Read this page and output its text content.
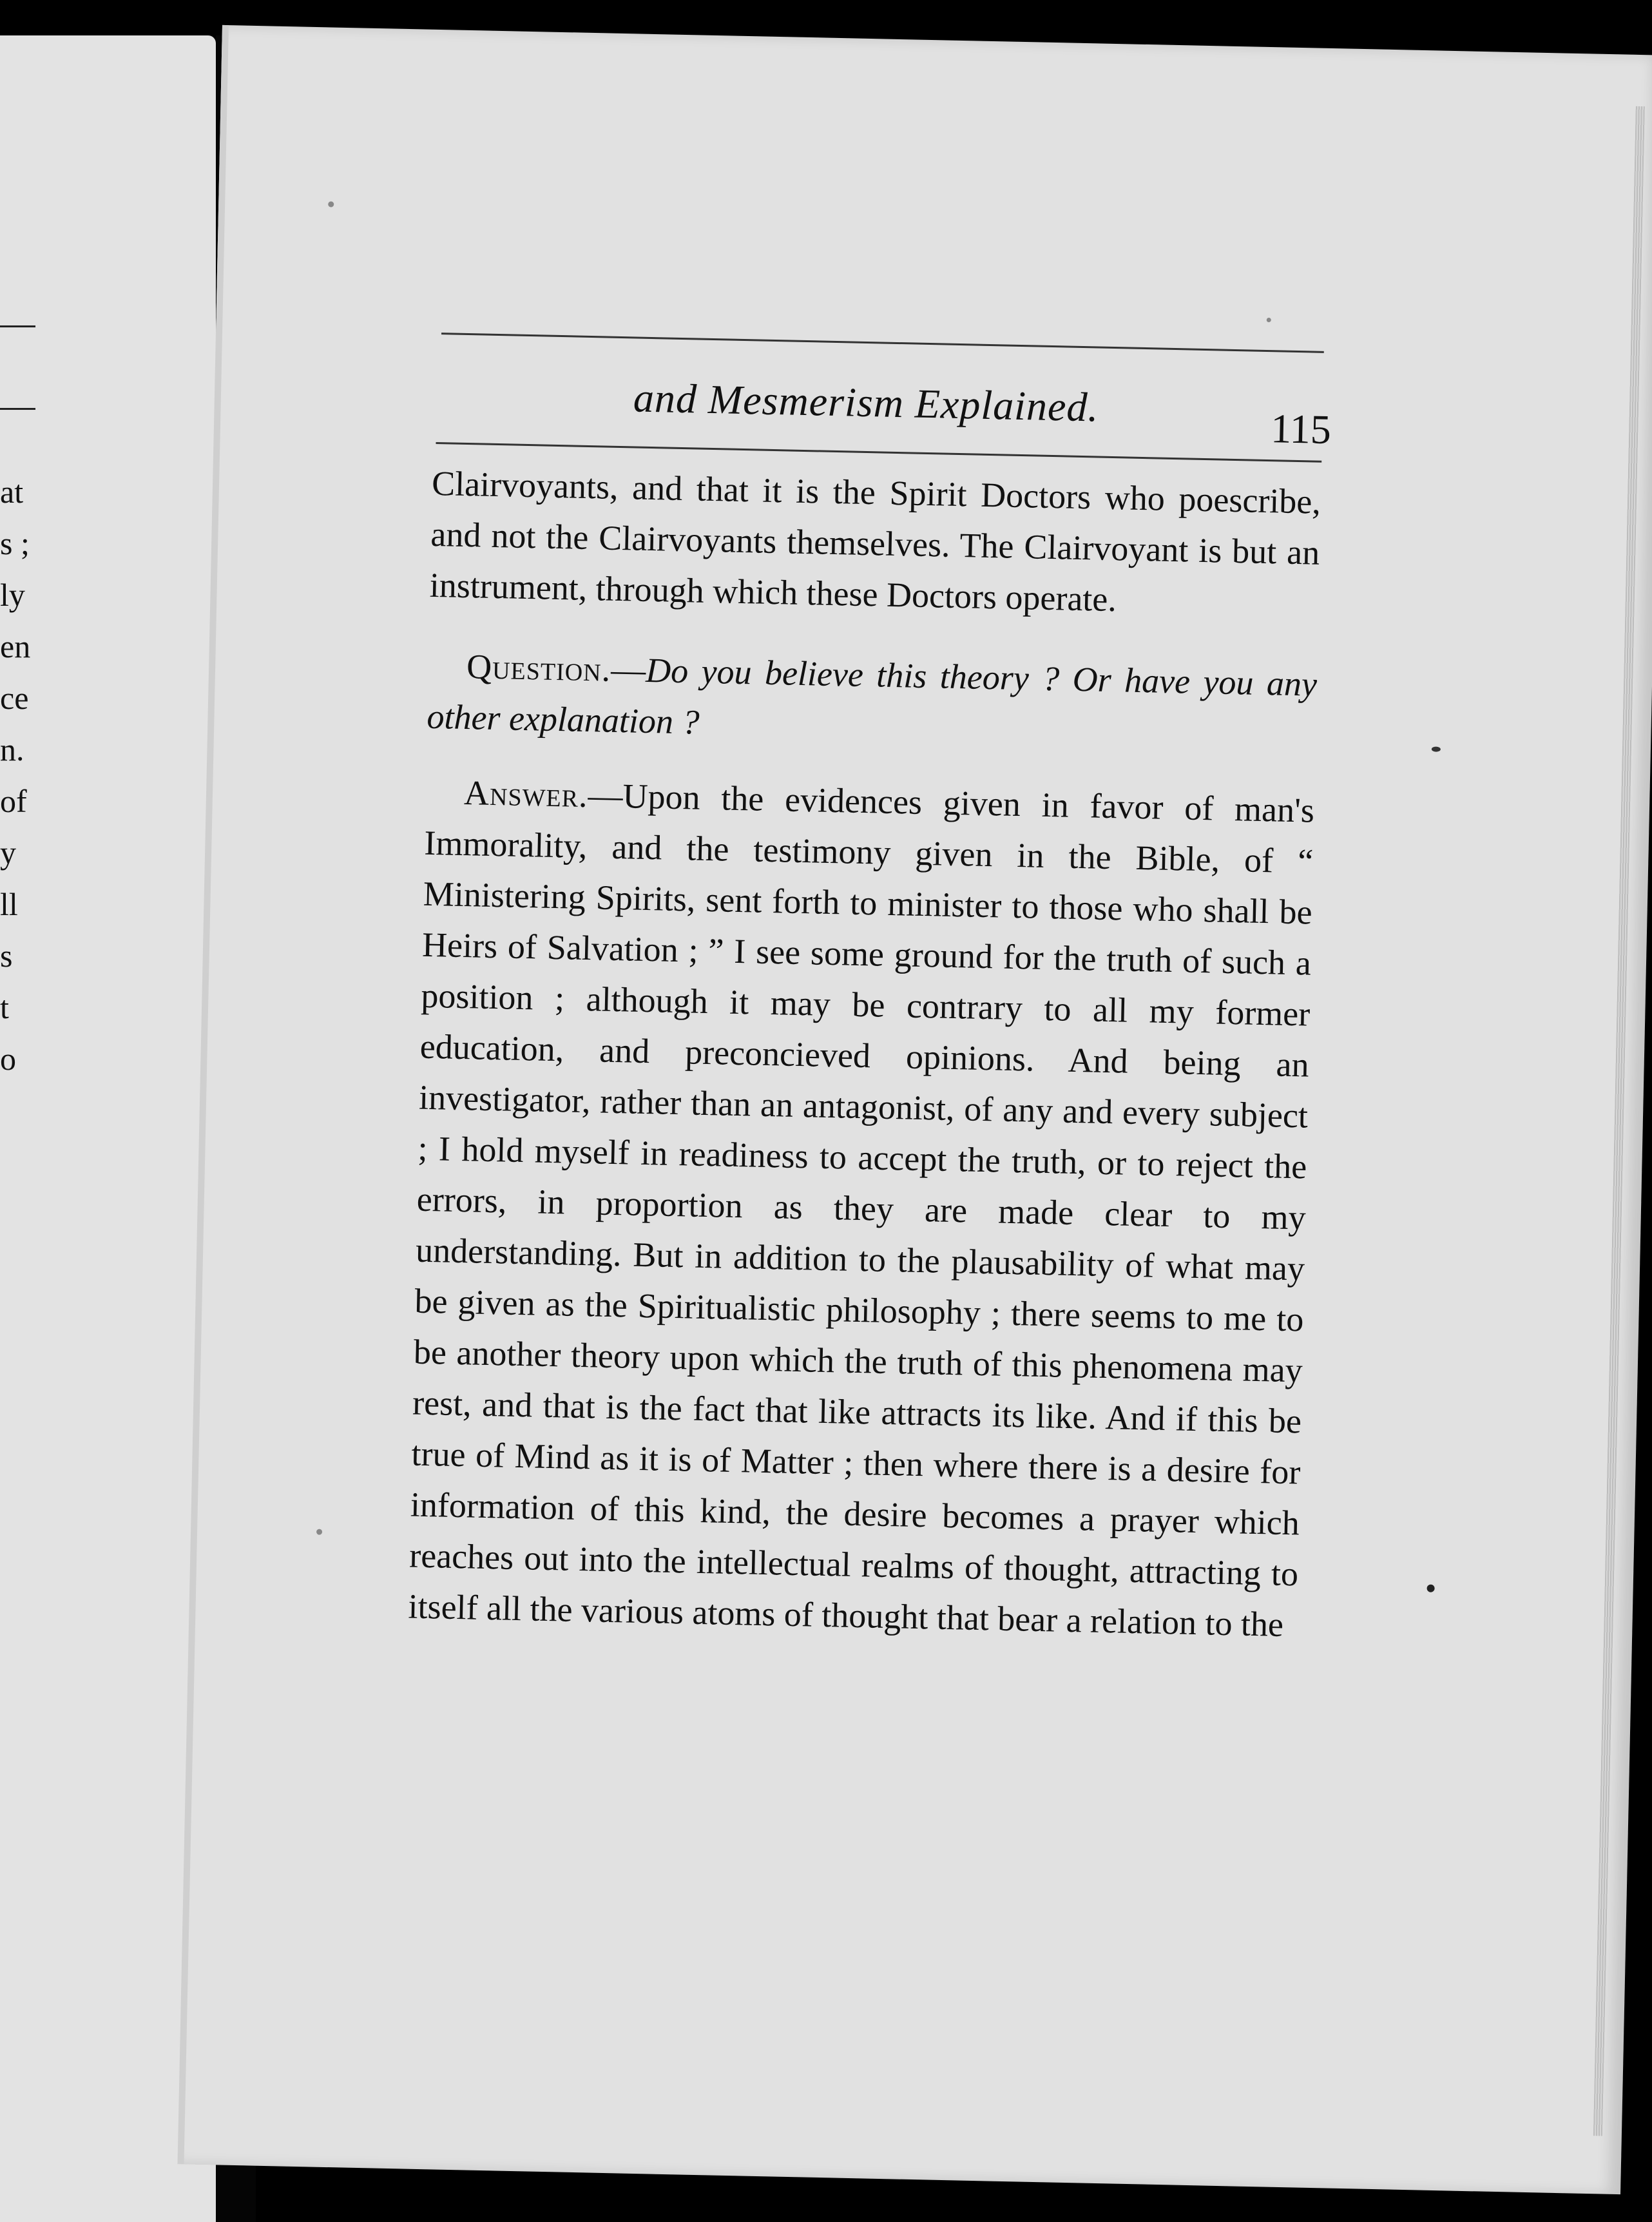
at
s ;
ly
en
ce
n.
of
y
ll
s
t
o
and Mesmerism Explained.	115

Clairvoyants, and that it is the Spirit Doctors who poescribe, and not the Clairvoyants themselves. The Clairvoyant is but an instrument, through which these Doctors operate.

Question.—Do you believe this theory ? Or have you any other explanation ?

Answer.—Upon the evidences given in favor of man's Immorality, and the testimony given in the Bible, of “ Ministering Spirits, sent forth to minister to those who shall be Heirs of Salvation ; ” I see some ground for the truth of such a position ; although it may be contrary to all my former education, and preconcieved opinions. And being an investigator, rather than an antagonist, of any and every subject ; I hold myself in readiness to accept the truth, or to reject the errors, in proportion as they are made clear to my understanding. But in addition to the plausability of what may be given as the Spiritualistic philosophy ; there seems to me to be another theory upon which the truth of this phenomena may rest, and that is the fact that like attracts its like. And if this be true of Mind as it is of Matter ; then where there is a desire for information of this kind, the desire becomes a prayer which reaches out into the intellectual realms of thought, attracting to itself all the various atoms of thought that bear a relation to the
